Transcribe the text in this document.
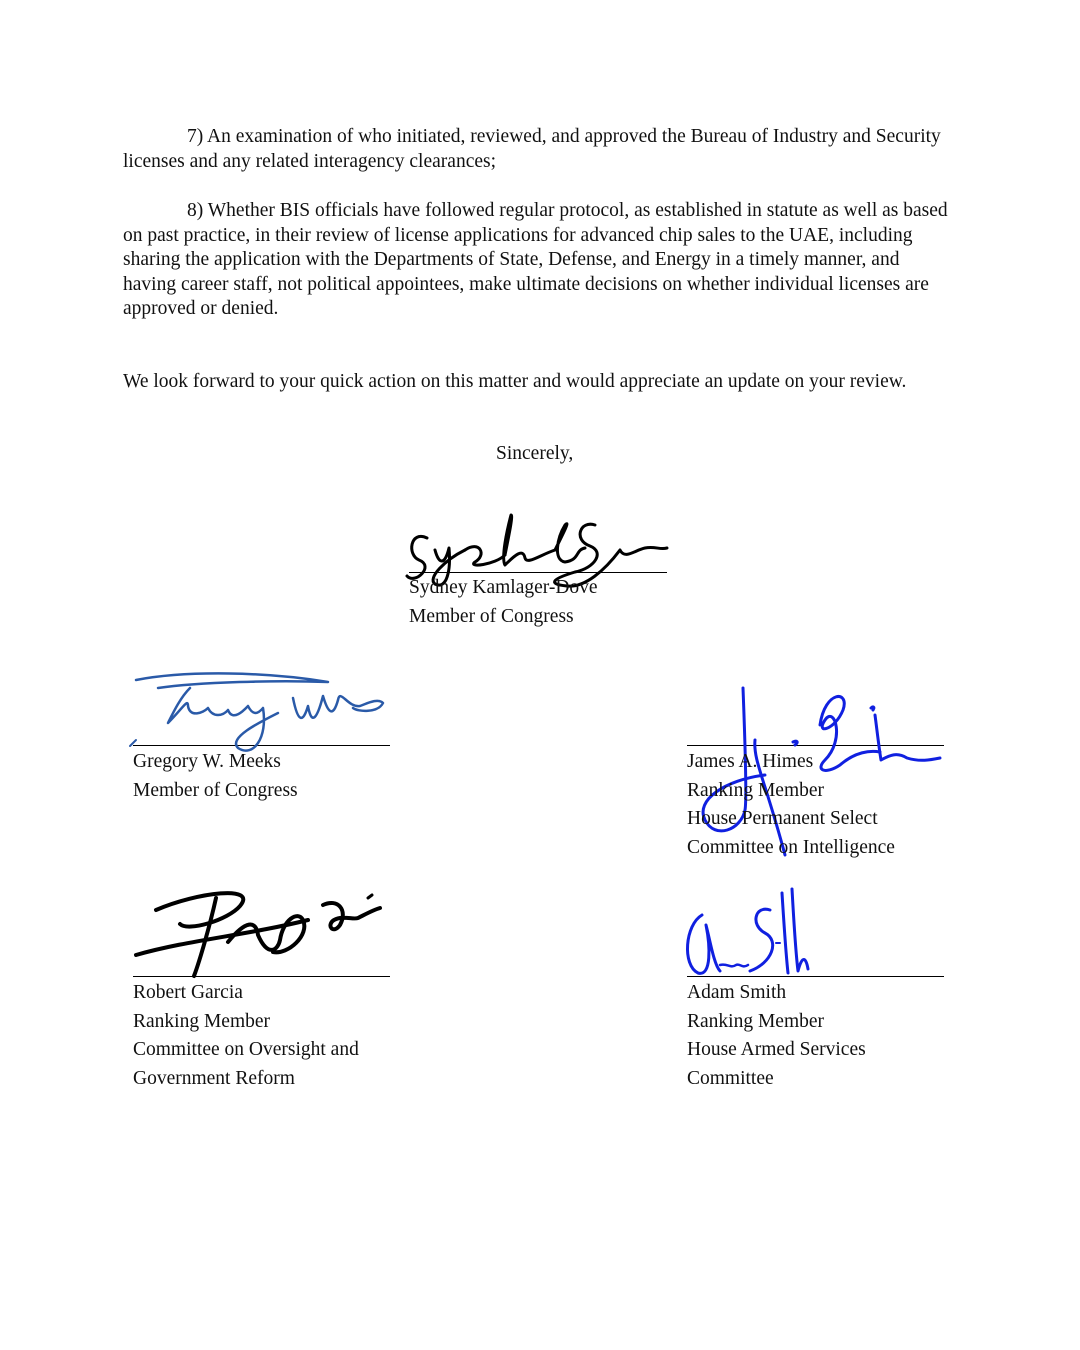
7) An examination of who initiated, reviewed, and approved the Bureau of Industry and Security licenses and any related interagency clearances;

8) Whether BIS officials have followed regular protocol, as established in statute as well as based on past practice, in their review of license applications for advanced chip sales to the UAE, including sharing the application with the Departments of State, Defense, and Energy in a timely manner, and having career staff, not political appointees, make ultimate decisions on whether individual licenses are approved or denied.

We look forward to your quick action on this matter and would appreciate an update on your review.

Sincerely,
Sydney Kamlager-Dove
Member of Congress
Gregory W. Meeks
Member of Congress
James A. Himes
Ranking Member
House Permanent Select
Committee on Intelligence
Robert Garcia
Ranking Member
Committee on Oversight and
Government Reform
Adam Smith
Ranking Member
House Armed Services
Committee
